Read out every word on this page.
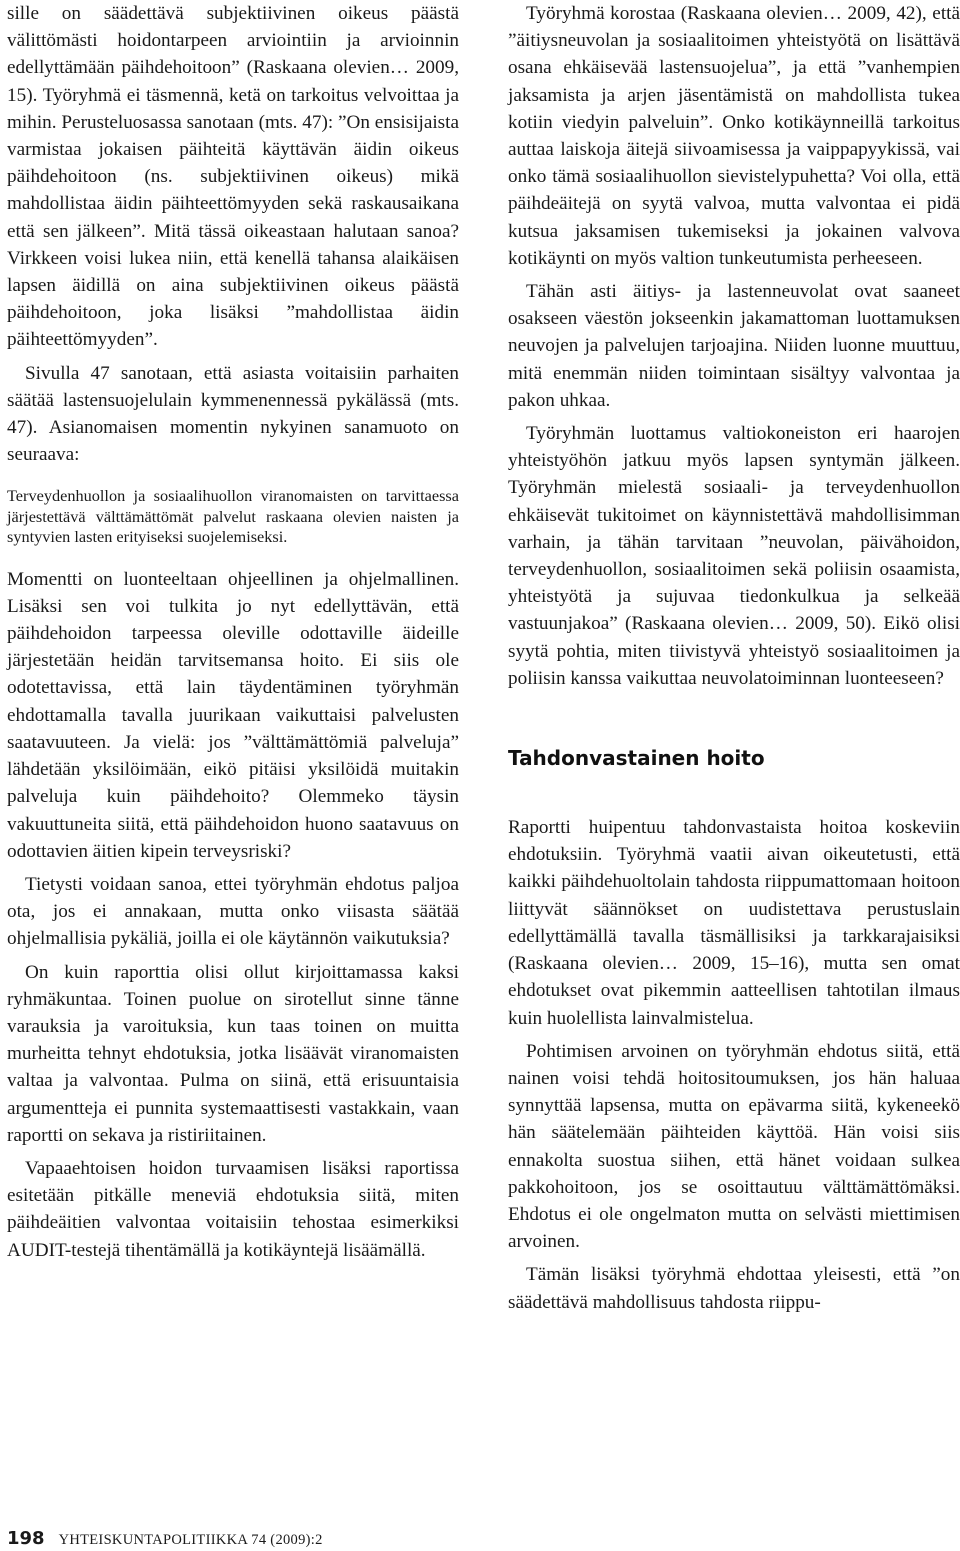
sille on säädettävä subjektiivinen oikeus päästä välittömästi hoidontarpeen arviointiin ja arvioinnin edellyttämään päihdehoitoon” (Raskaana olevien… 2009, 15). Työryhmä ei täsmennä, ketä on tarkoitus velvoittaa ja mihin. Perusteluosassa sanotaan (mts. 47): ”On ensisijaista varmistaa jokaisen päihteitä käyttävän äidin oikeus päihdehoitoon (ns. subjektiivinen oikeus) mikä mahdollistaa äidin päihteettömyyden sekä raskausaikana että sen jälkeen”. Mitä tässä oikeastaan halutaan sanoa? Virkkeen voisi lukea niin, että kenellä tahansa alaikäisen lapsen äidillä on aina subjektiivinen oikeus päästä päihdehoitoon, joka lisäksi ”mahdollistaa äidin päihteettömyyden”.

Sivulla 47 sanotaan, että asiasta voitaisiin parhaiten säätää lastensuojelulain kymmenennessä pykälässä (mts. 47). Asianomaisen momentin nykyinen sanamuoto on seuraava:

Terveydenhuollon ja sosiaalihuollon viranomaisten on tarvittaessa järjestettävä välttämättömät palvelut raskaana olevien naisten ja syntyvien lasten erityiseksi suojelemiseksi.

Momentti on luonteeltaan ohjeellinen ja ohjelmallinen. Lisäksi sen voi tulkita jo nyt edellyttävän, että päihdehoidon tarpeessa oleville odottaville äideille järjestetään heidän tarvitsemansa hoito. Ei siis ole odotettavissa, että lain täydentäminen työryhmän ehdottamalla tavalla juurikaan vaikuttaisi palvelusten saatavuuteen. Ja vielä: jos ”välttämättömiä palveluja” lähdetään yksilöimään, eikö pitäisi yksilöidä muitakin palveluja kuin päihdehoito? Olemmeko täysin vakuuttuneita siitä, että päihdehoidon huono saatavuus on odottavien äitien kipein terveysriski?

Tietysti voidaan sanoa, ettei työryhmän ehdotus paljoa ota, jos ei annakaan, mutta onko viisasta säätää ohjelmallisia pykäliä, joilla ei ole käytännön vaikutuksia?

On kuin raporttia olisi ollut kirjoittamassa kaksi ryhmäkuntaa. Toinen puolue on sirotellut sinne tänne varauksia ja varoituksia, kun taas toinen on muitta murheitta tehnyt ehdotuksia, jotka lisäävät viranomaisten valtaa ja valvontaa. Pulma on siinä, että erisuuntaisia argumentteja ei punnita systemaattisesti vastakkain, vaan raportti on sekava ja ristiriitainen.

Vapaaehtoisen hoidon turvaamisen lisäksi raportissa esitetään pitkälle meneviä ehdotuksia siitä, miten päihdeäitien valvontaa voitaisiin tehostaa esimerkiksi AUDIT-testejä tihentämällä ja kotikäyntejä lisäämällä.

Työryhmä korostaa (Raskaana olevien… 2009, 42), että ”äitiysneuvolan ja sosiaalitoimen yhteistyötä on lisättävä osana ehkäisevää lastensuojelua”, ja että ”vanhempien jaksamista ja arjen jäsentämistä on mahdollista tukea kotiin viedyin palveluin”. Onko kotikäynneillä tarkoitus auttaa laiskoja äitejä siivoamisessa ja vaippapyykissä, vai onko tämä sosiaalihuollon sievistelypuhetta? Voi olla, että päihdeäitejä on syytä valvoa, mutta valvontaa ei pidä kutsua jaksamisen tukemiseksi ja jokainen valvova kotikäynti on myös valtion tunkeutumista perheeseen.

Tähän asti äitiys- ja lastenneuvolat ovat saaneet osakseen väestön jokseenkin jakamattoman luottamuksen neuvojen ja palvelujen tarjoajina. Niiden luonne muuttuu, mitä enemmän niiden toimintaan sisältyy valvontaa ja pakon uhkaa.

Työryhmän luottamus valtiokoneiston eri haarojen yhteistyöhön jatkuu myös lapsen syntymän jälkeen. Työryhmän mielestä sosiaali- ja terveydenhuollon ehkäisevät tukitoimet on käynnistettävä mahdollisimman varhain, ja tähän tarvitaan ”neuvolan, päivähoidon, terveydenhuollon, sosiaalitoimen sekä poliisin osaamista, yhteistyötä ja sujuvaa tiedonkulkua ja selkeää vastuunjakoa” (Raskaana olevien… 2009, 50). Eikö olisi syytä pohtia, miten tiivistyvä yhteistyö sosiaalitoimen ja poliisin kanssa vaikuttaa neuvolatoiminnan luonteeseen?

Tahdonvastainen hoito

Raportti huipentuu tahdonvastaista hoitoa koskeviin ehdotuksiin. Työryhmä vaatii aivan oikeutetusti, että kaikki päihdehuoltolain tahdosta riippumattomaan hoitoon liittyvät säännökset on uudistettava perustuslain edellyttämällä tavalla täsmällisiksi ja tarkkarajaisiksi (Raskaana olevien… 2009, 15–16), mutta sen omat ehdotukset ovat pikemmin aatteellisen tahtotilan ilmaus kuin huolellista lainvalmistelua.

Pohtimisen arvoinen on työryhmän ehdotus siitä, että nainen voisi tehdä hoitositoumuksen, jos hän haluaa synnyttää lapsensa, mutta on epävarma siitä, kykeneekö hän säätelemään päihteiden käyttöä. Hän voisi siis ennakolta suostua siihen, että hänet voidaan sulkea pakkohoitoon, jos se osoittautuu välttämättömäksi. Ehdotus ei ole ongelmaton mutta on selvästi miettimisen arvoinen.

Tämän lisäksi työryhmä ehdottaa yleisesti, että ”on säädettävä mahdollisuus tahdosta riippu-

198 YHTEISKUNTAPOLITIIKKA 74 (2009):2
